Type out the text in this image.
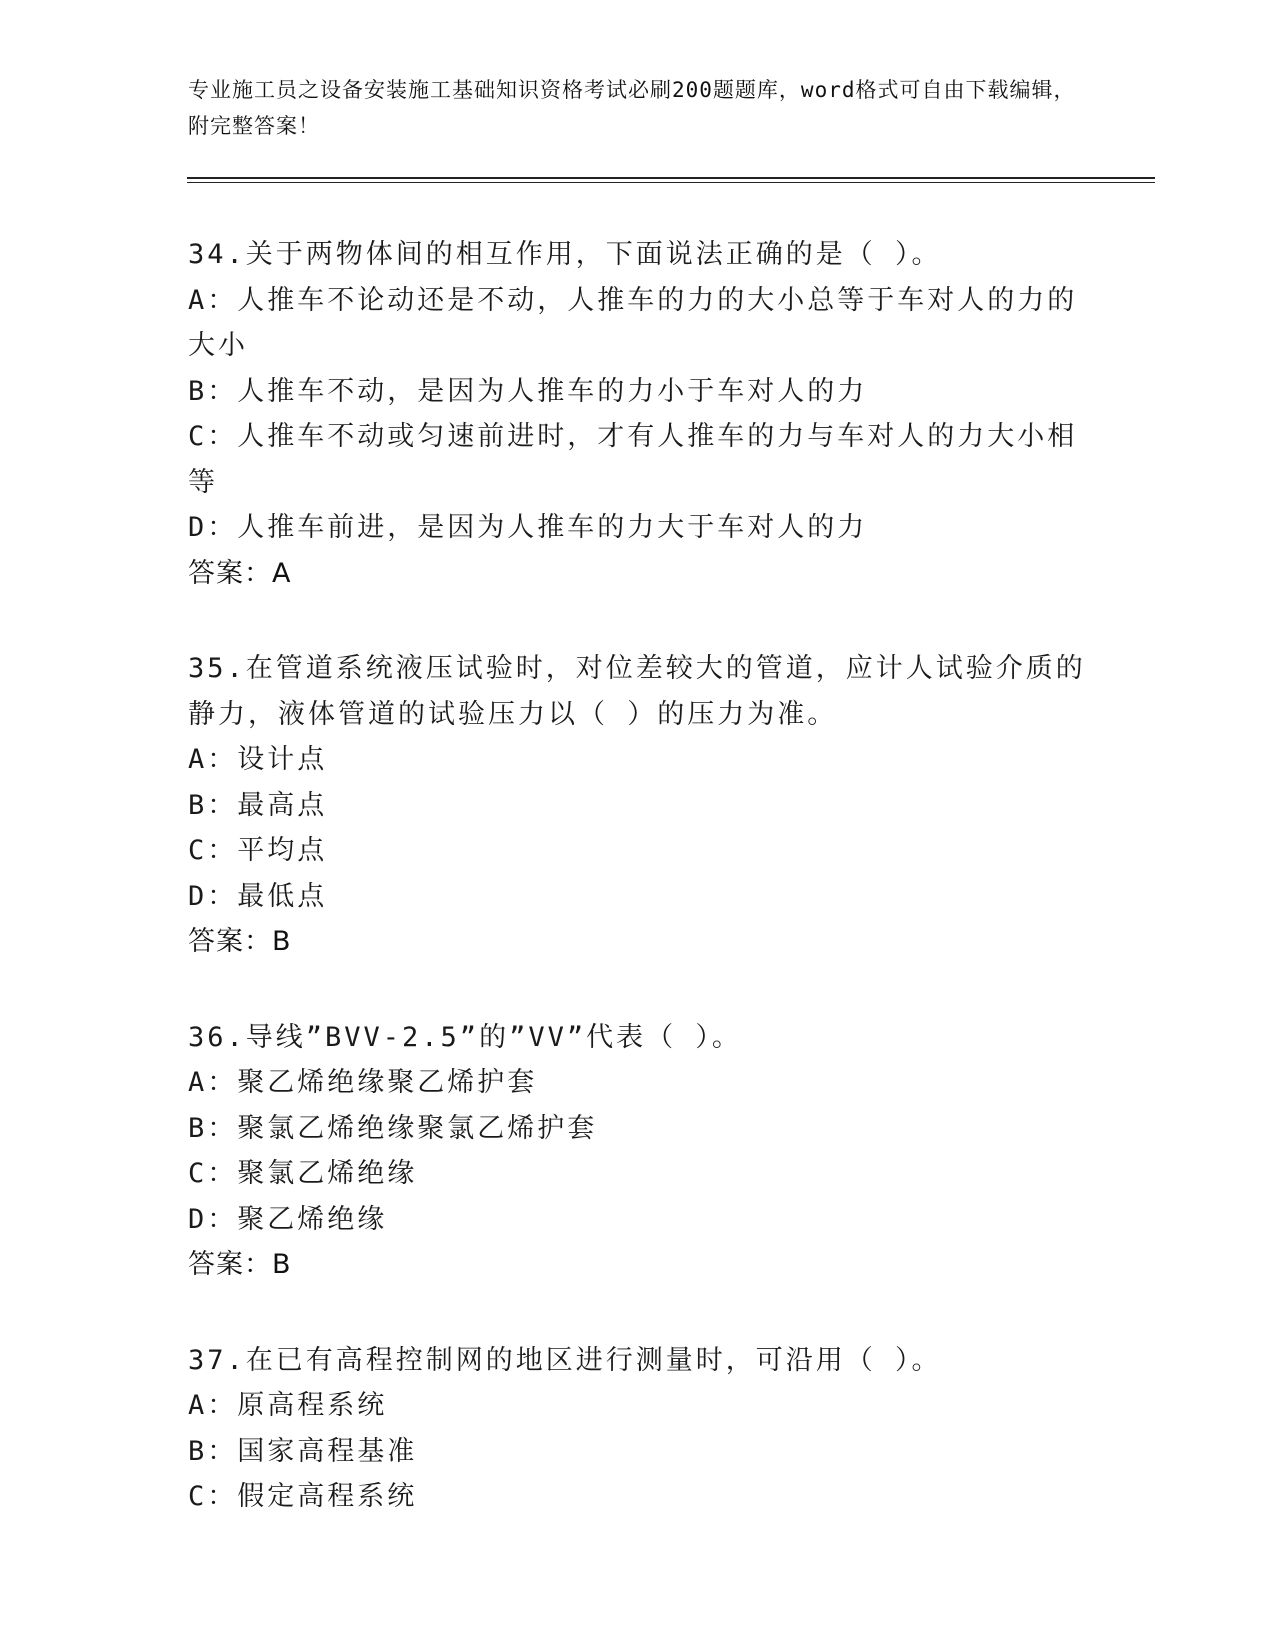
专业施工员之设备安装施工基础知识资格考试必刷200题题库，word格式可自由下载编辑，附完整答案！
34.关于两物体间的相互作用，下面说法正确的是（ ）。
A：人推车不论动还是不动，人推车的力的大小总等于车对人的力的大小
B：人推车不动，是因为人推车的力小于车对人的力
C：人推车不动或匀速前进时，才有人推车的力与车对人的力大小相等
D：人推车前进，是因为人推车的力大于车对人的力
答案：A
35.在管道系统液压试验时，对位差较大的管道，应计人试验介质的静力，液体管道的试验压力以（ ）的压力为准。
A：设计点
B：最高点
C：平均点
D：最低点
答案：B
36.导线”BVV-2.5”的”VV”代表（ ）。
A：聚乙烯绝缘聚乙烯护套
B：聚氯乙烯绝缘聚氯乙烯护套
C：聚氯乙烯绝缘
D：聚乙烯绝缘
答案：B
37.在已有高程控制网的地区进行测量时，可沿用（ ）。
A：原高程系统
B：国家高程基准
C：假定高程系统
